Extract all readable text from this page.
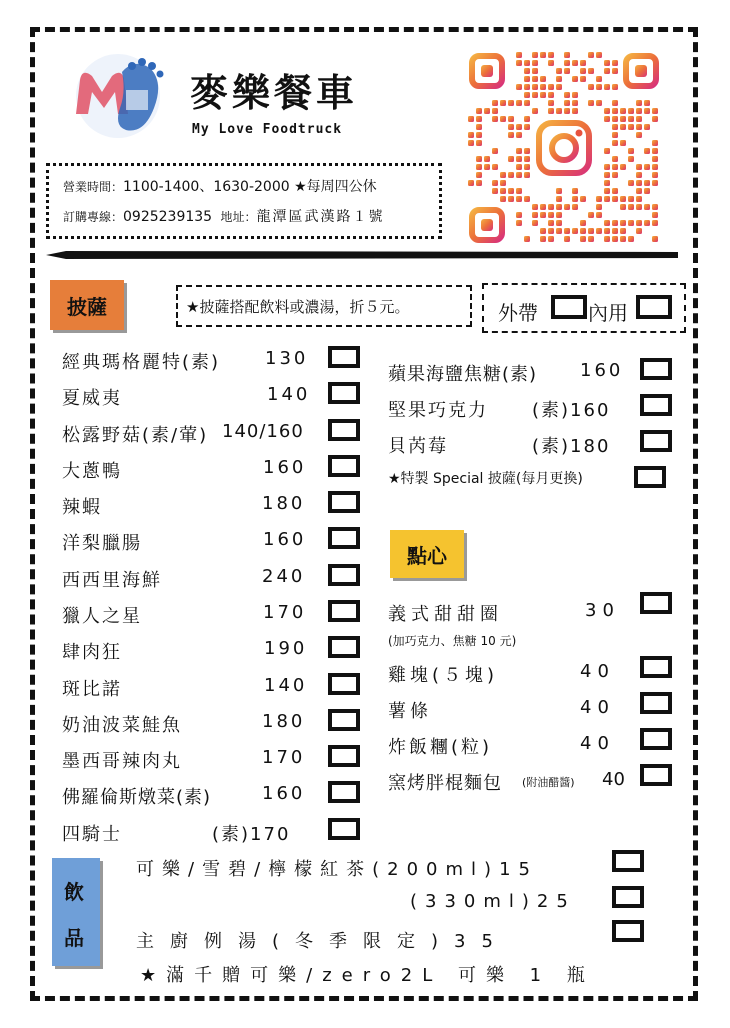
麥樂餐車
My Love Foodtruck
營業時間：1100-1400、1630-2000 ★每周四公休
訂購專線：0925239135 地址：龍潭區武漢路１號
披薩	★披薩搭配飲料或濃湯，折５元。	外帶	內用
經典瑪格麗特(素) 130
夏威夷	140
松露野菇(素/葷) 140/160
大蔥鴨	160
辣蝦	180
洋梨臘腸	160
西西里海鮮	240
獵人之星	170
肆肉狂	190
斑比諾	140
奶油波菜鮭魚	180
墨西哥辣肉丸	170
佛羅倫斯燉菜(素)	160
四騎士	(素)170
蘋果海鹽焦糖(素) 160
堅果巧克力 (素)160
貝芮莓	(素)180
★特製 Special 披薩(每月更換)
點心
義式甜甜圈	30
(加巧克力、焦糖 10 元)
雞塊(５塊)	40
薯條	40
炸飯糰(粒)	40
窯烤胖棍麵包 (附油醋醬) 40
飲
品
可樂/雪碧/檸檬紅茶(200ml)15
(330ml)25
主廚例湯(冬季限定)35
★滿千贈可樂/zero2L 可樂 1 瓶
